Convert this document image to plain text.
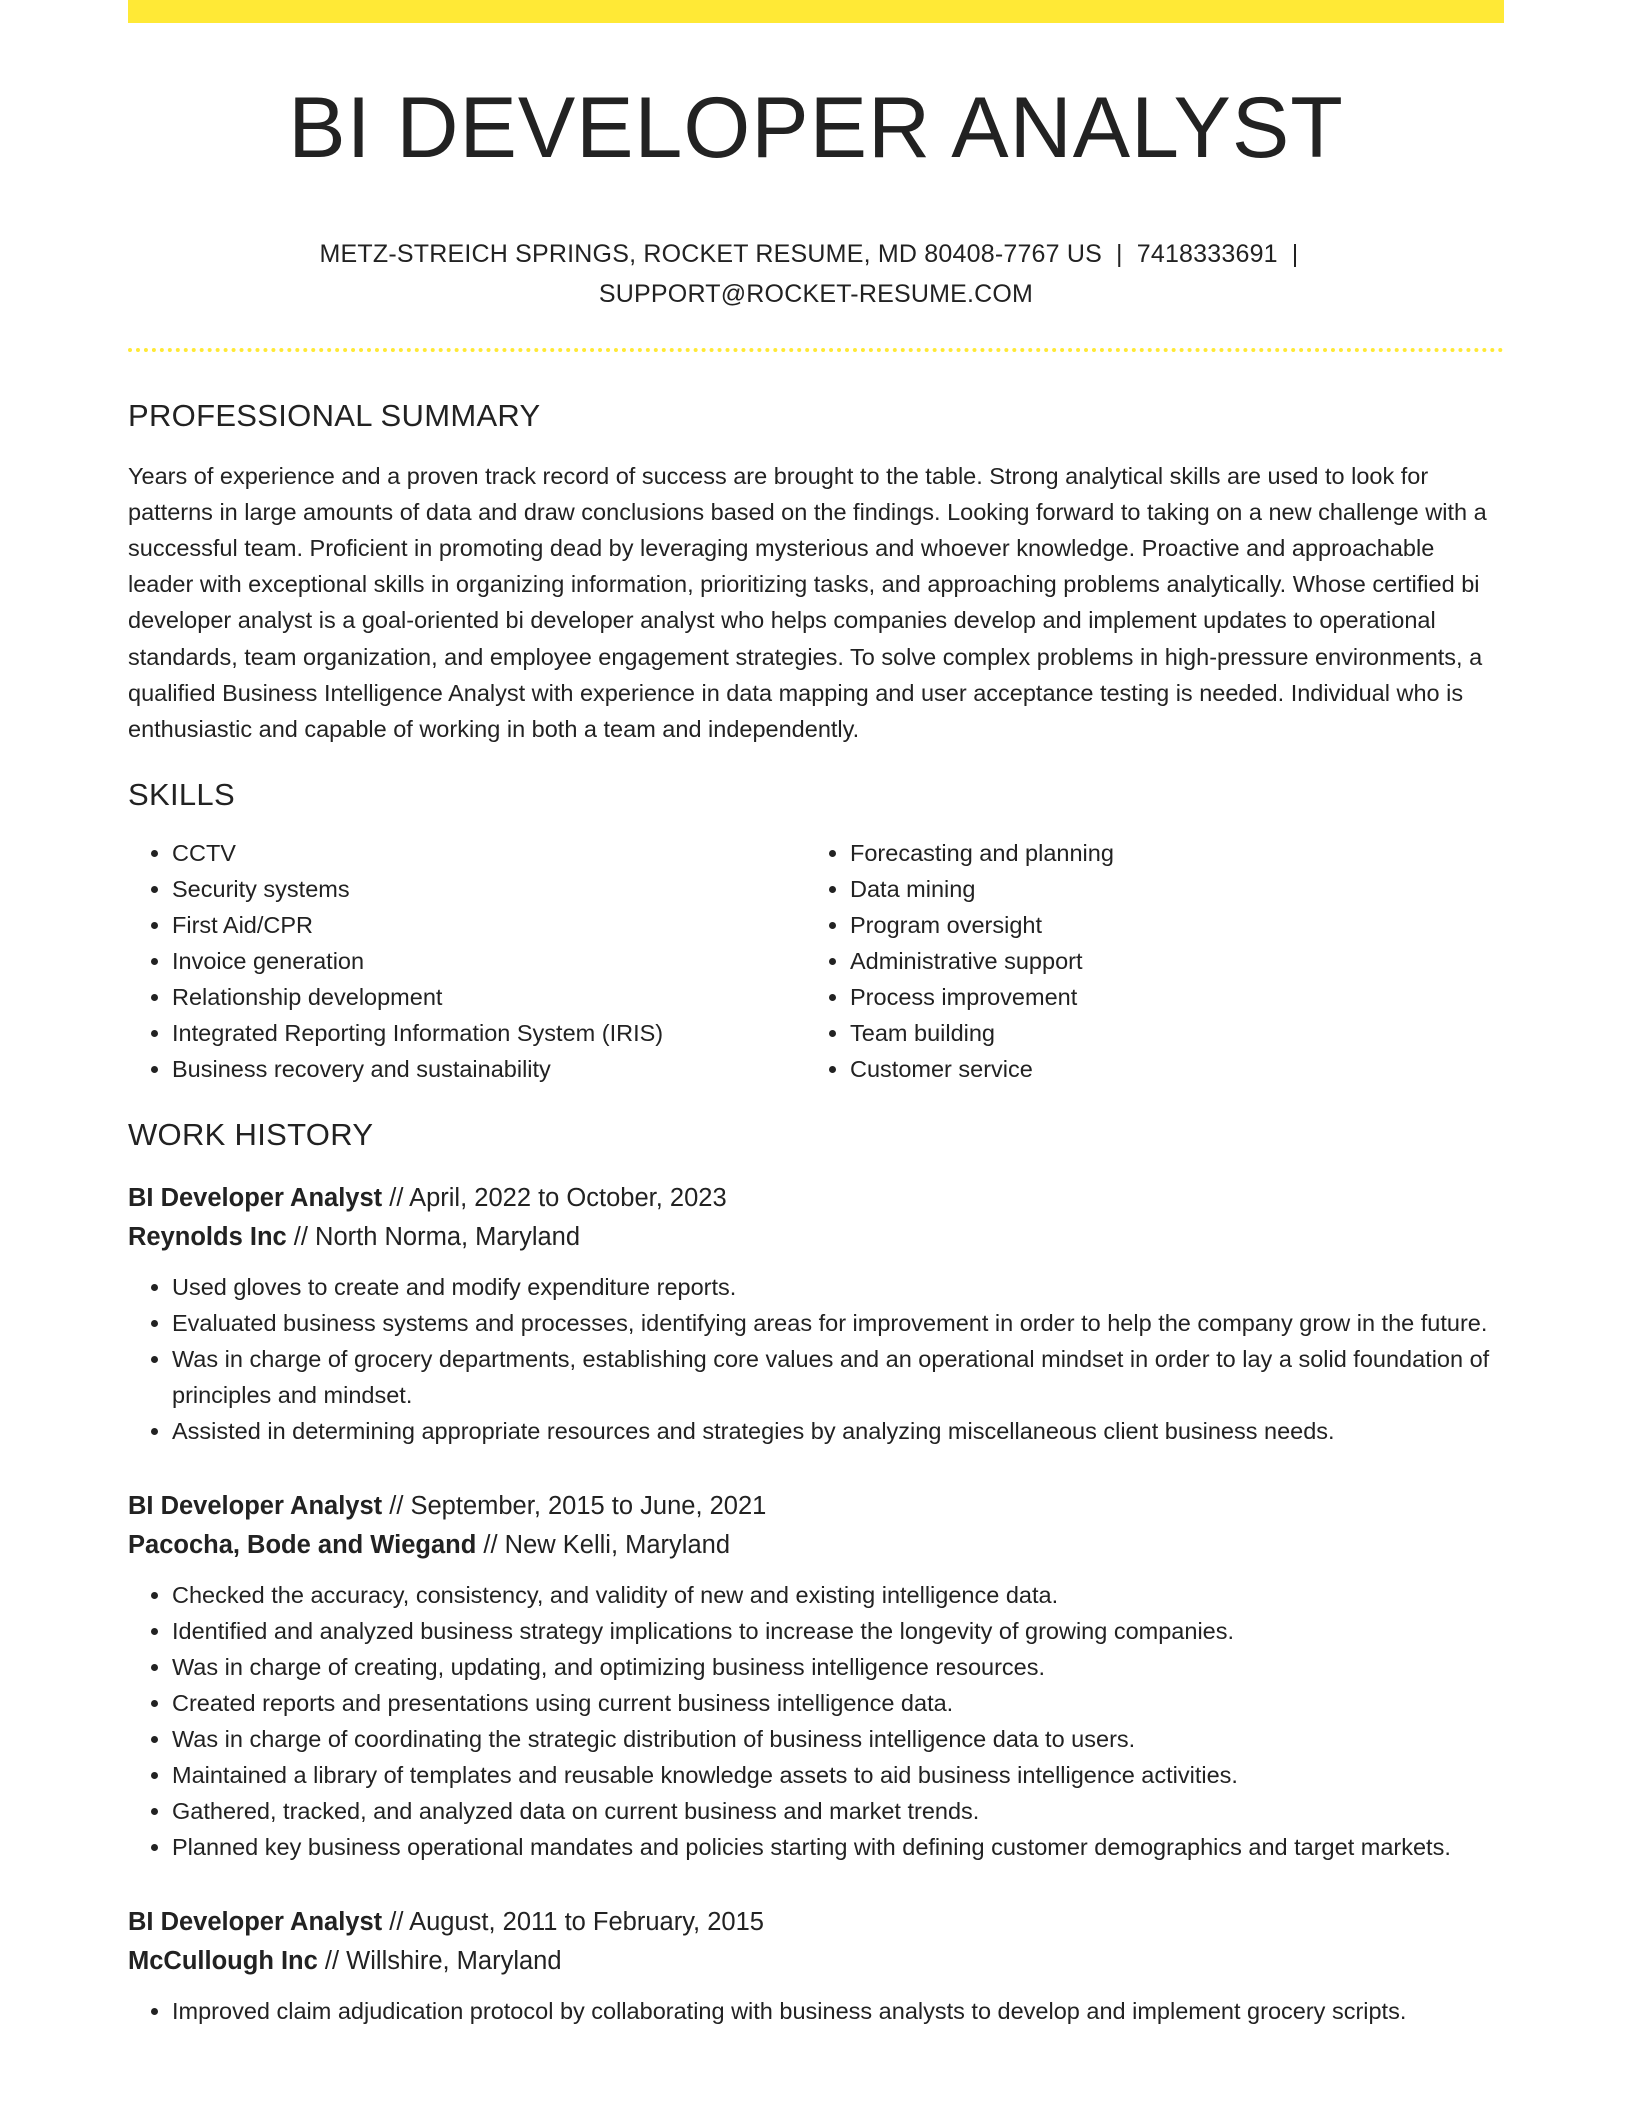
BI DEVELOPER ANALYST
METZ-STREICH SPRINGS, ROCKET RESUME, MD 80408-7767 US | 7418333691 |
SUPPORT@ROCKET-RESUME.COM
PROFESSIONAL SUMMARY
Years of experience and a proven track record of success are brought to the table. Strong analytical skills are used to look for patterns in large amounts of data and draw conclusions based on the findings. Looking forward to taking on a new challenge with a successful team. Proficient in promoting dead by leveraging mysterious and whoever knowledge. Proactive and approachable leader with exceptional skills in organizing information, prioritizing tasks, and approaching problems analytically. Whose certified bi developer analyst is a goal-oriented bi developer analyst who helps companies develop and implement updates to operational standards, team organization, and employee engagement strategies. To solve complex problems in high-pressure environments, a qualified Business Intelligence Analyst with experience in data mapping and user acceptance testing is needed. Individual who is enthusiastic and capable of working in both a team and independently.
SKILLS
• CCTV
• Security systems
• First Aid/CPR
• Invoice generation
• Relationship development
• Integrated Reporting Information System (IRIS)
• Business recovery and sustainability
• Forecasting and planning
• Data mining
• Program oversight
• Administrative support
• Process improvement
• Team building
• Customer service
WORK HISTORY
BI Developer Analyst // April, 2022 to October, 2023
Reynolds Inc // North Norma, Maryland
• Used gloves to create and modify expenditure reports.
• Evaluated business systems and processes, identifying areas for improvement in order to help the company grow in the future.
• Was in charge of grocery departments, establishing core values and an operational mindset in order to lay a solid foundation of principles and mindset.
• Assisted in determining appropriate resources and strategies by analyzing miscellaneous client business needs.
BI Developer Analyst // September, 2015 to June, 2021
Pacocha, Bode and Wiegand // New Kelli, Maryland
• Checked the accuracy, consistency, and validity of new and existing intelligence data.
• Identified and analyzed business strategy implications to increase the longevity of growing companies.
• Was in charge of creating, updating, and optimizing business intelligence resources.
• Created reports and presentations using current business intelligence data.
• Was in charge of coordinating the strategic distribution of business intelligence data to users.
• Maintained a library of templates and reusable knowledge assets to aid business intelligence activities.
• Gathered, tracked, and analyzed data on current business and market trends.
• Planned key business operational mandates and policies starting with defining customer demographics and target markets.
BI Developer Analyst // August, 2011 to February, 2015
McCullough Inc // Willshire, Maryland
• Improved claim adjudication protocol by collaborating with business analysts to develop and implement grocery scripts.
